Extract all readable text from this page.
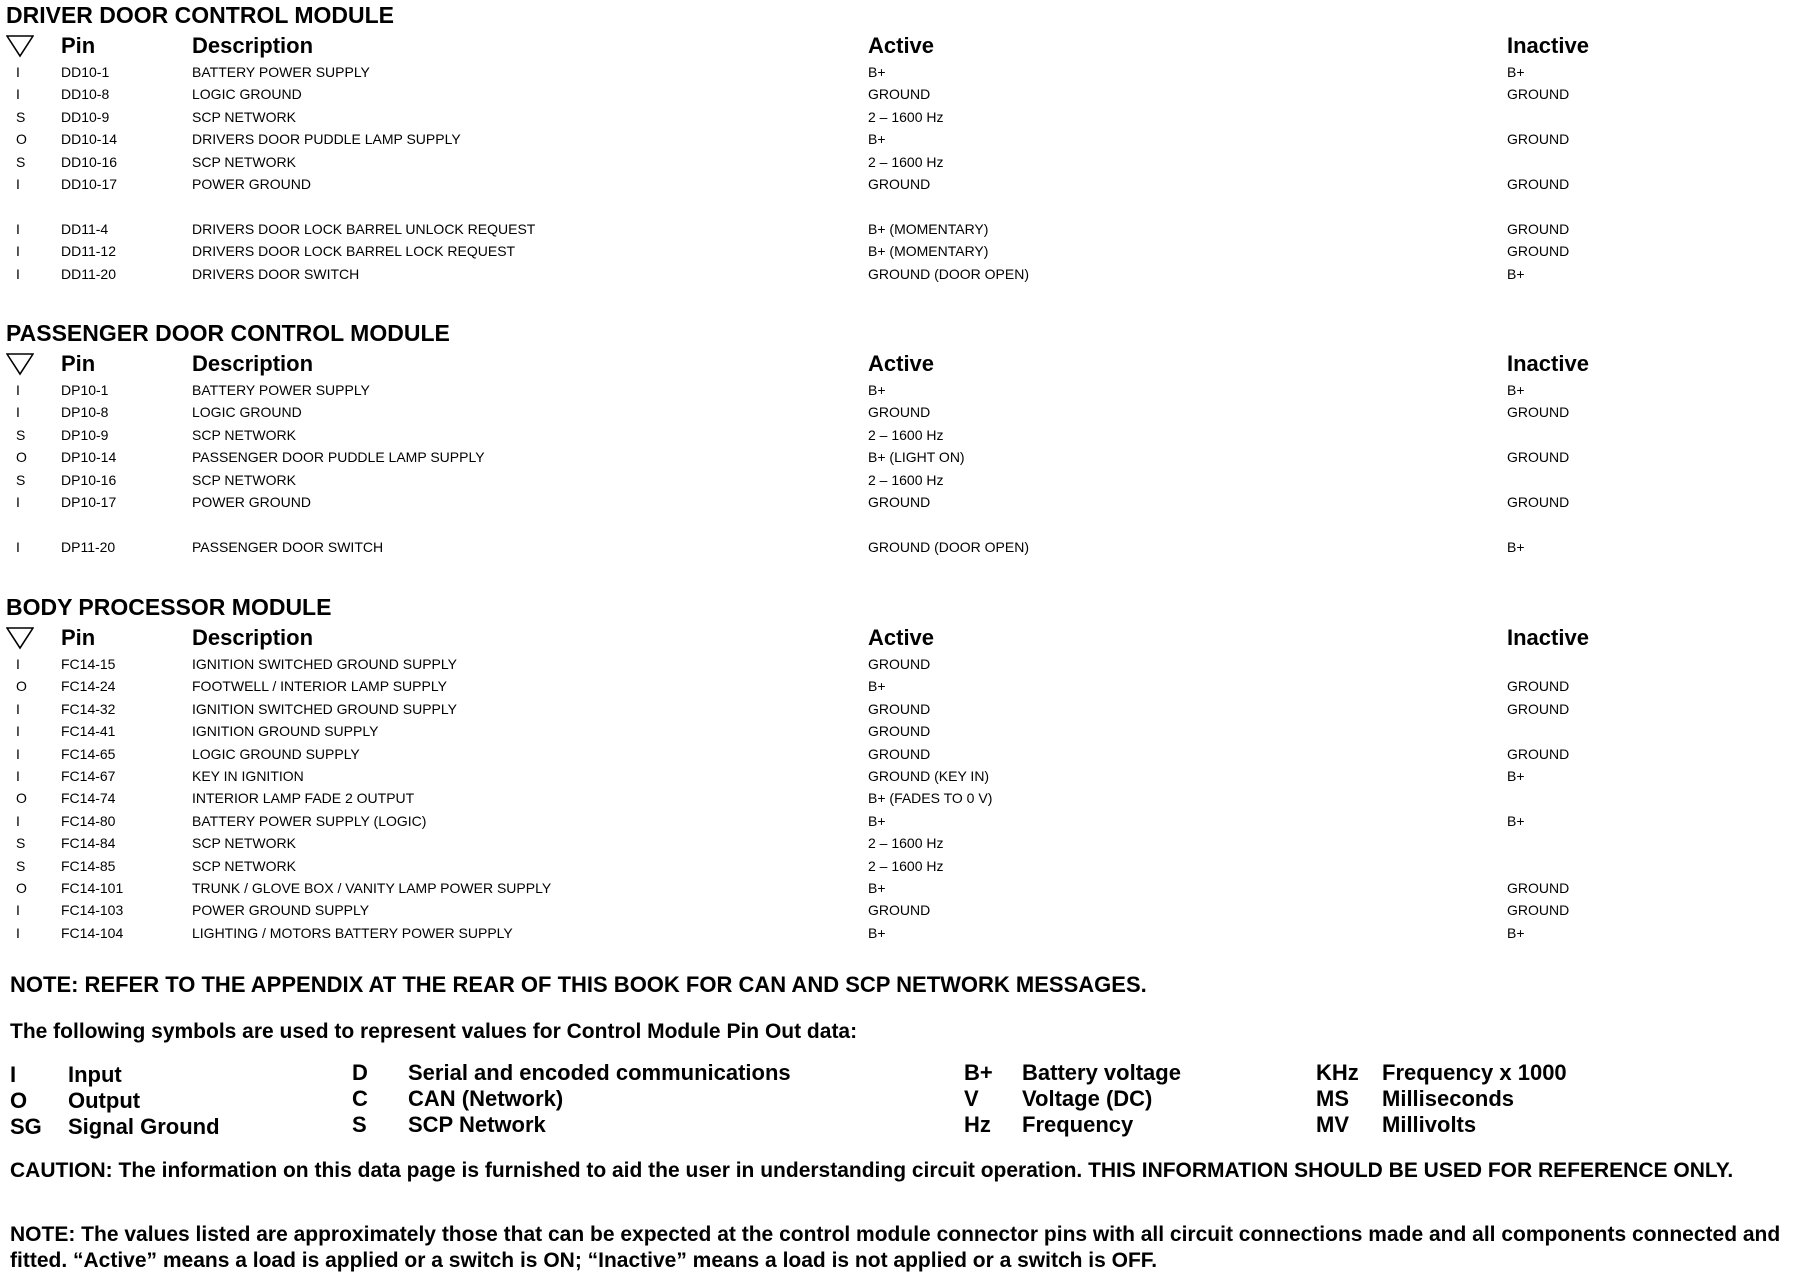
DRIVER DOOR CONTROL MODULE
Pin	Description	Active	Inactive
I	DD10-1	BATTERY POWER SUPPLY	B+	B+
I	DD10-8	LOGIC GROUND	GROUND	GROUND
S	DD10-9	SCP NETWORK	2 – 1600 Hz
O DD10-14	DRIVERS DOOR PUDDLE LAMP SUPPLY	B+	GROUND
S	DD10-16	SCP NETWORK	2 – 1600 Hz
I	DD10-17	POWER GROUND	GROUND	GROUND
I	DD11-4	DRIVERS DOOR LOCK BARREL UNLOCK REQUEST	B+ (MOMENTARY)	GROUND
I	DD11-12	DRIVERS DOOR LOCK BARREL LOCK REQUEST	B+ (MOMENTARY)	GROUND
I	DD11-20	DRIVERS DOOR SWITCH	GROUND (DOOR OPEN)	B+
PASSENGER DOOR CONTROL MODULE
Pin	Description	Active	Inactive
I	DP10-1	BATTERY POWER SUPPLY	B+	B+
I	DP10-8	LOGIC GROUND	GROUND	GROUND
S	DP10-9	SCP NETWORK	2 – 1600 Hz
O DP10-14	PASSENGER DOOR PUDDLE LAMP SUPPLY	B+ (LIGHT ON)	GROUND
S	DP10-16	SCP NETWORK	2 – 1600 Hz
I	DP10-17	POWER GROUND	GROUND	GROUND
I	DP11-20	PASSENGER DOOR SWITCH	GROUND (DOOR OPEN)	B+
BODY PROCESSOR MODULE
Pin	Description	Active	Inactive
I	FC14-15	IGNITION SWITCHED GROUND SUPPLY	GROUND
O FC14-24	FOOTWELL / INTERIOR LAMP SUPPLY	B+	GROUND
I	FC14-32	IGNITION SWITCHED GROUND SUPPLY	GROUND	GROUND
I	FC14-41	IGNITION GROUND SUPPLY	GROUND
I	FC14-65	LOGIC GROUND SUPPLY	GROUND	GROUND
I	FC14-67	KEY IN IGNITION	GROUND (KEY IN)	B+
O FC14-74	INTERIOR LAMP FADE 2 OUTPUT	B+ (FADES TO 0 V)
I	FC14-80	BATTERY POWER SUPPLY (LOGIC)	B+	B+
S	FC14-84	SCP NETWORK	2 – 1600 Hz
S	FC14-85	SCP NETWORK	2 – 1600 Hz
O FC14-101	TRUNK / GLOVE BOX / VANITY LAMP POWER SUPPLY	B+	GROUND
I	FC14-103	POWER GROUND SUPPLY	GROUND	GROUND
I	FC14-104	LIGHTING / MOTORS BATTERY POWER SUPPLY	B+	B+
NOTE: REFER TO THE APPENDIX AT THE REAR OF THIS BOOK FOR CAN AND SCP NETWORK MESSAGES.
The following symbols are used to represent values for Control Module Pin Out data:
I Input
O Output
SG Signal Ground
D Serial and encoded communications
C CAN (Network)
S SCP Network
B+ Battery voltage
V Voltage (DC)
Hz Frequency
KHz Frequency x 1000
MS Milliseconds
MV Millivolts
CAUTION: The information on this data page is furnished to aid the user in understanding circuit operation. THIS INFORMATION SHOULD BE USED FOR REFERENCE ONLY.
NOTE: The values listed are approximately those that can be expected at the control module connector pins with all circuit connections made and all components connected and fitted. “Active” means a load is applied or a switch is ON; “Inactive” means a load is not applied or a switch is OFF.
